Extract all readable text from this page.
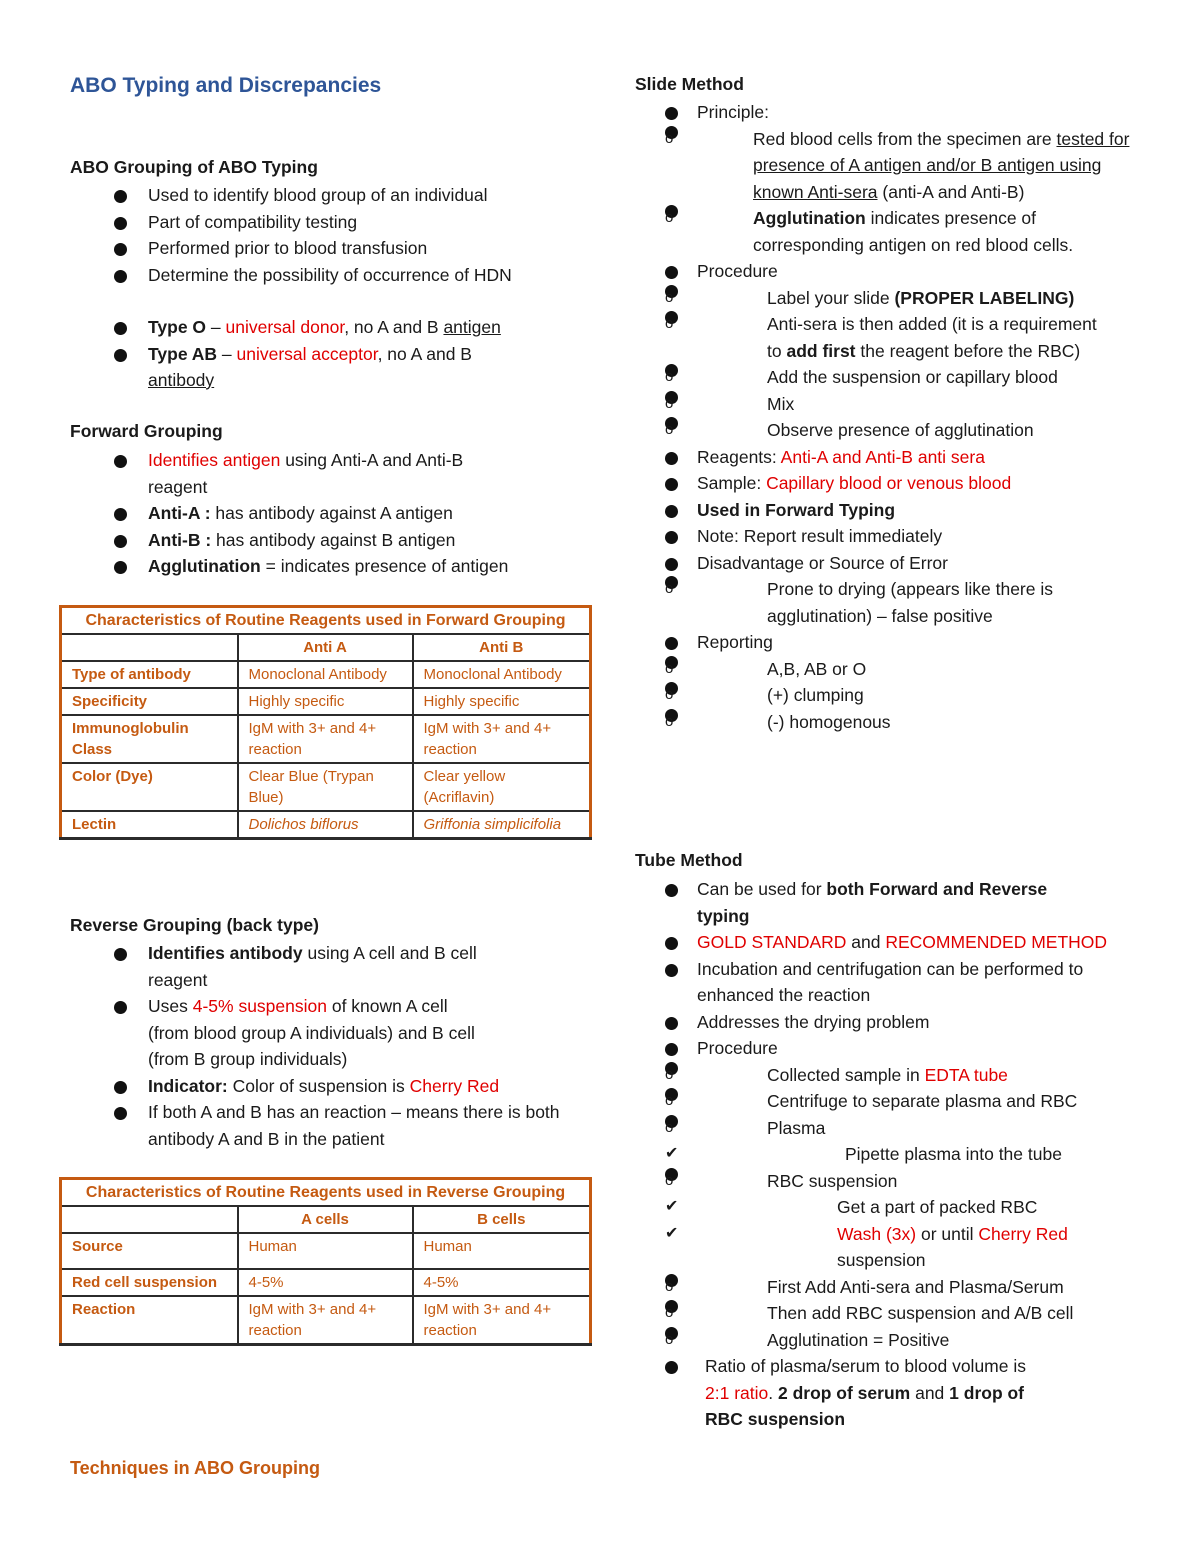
ABO Typing and Discrepancies
ABO Grouping of ABO Typing
Used to identify blood group of an individual
Part of compatibility testing
Performed prior to blood transfusion
Determine the possibility of occurrence of HDN
Type O – universal donor, no A and B antigen
Type AB – universal acceptor, no A and B antibody
Forward Grouping
Identifies antigen using Anti-A and Anti-B reagent
Anti-A : has antibody against A antigen
Anti-B : has antibody against B antigen
Agglutination = indicates presence of antigen
Characteristics of Routine Reagents used in Forward Grouping		
	Anti A	Anti B
Type of antibody	Monoclonal Antibody	Monoclonal Antibody
Specificity	Highly specific	Highly specific
Immunoglobulin Class	IgM with 3+ and 4+ reaction	IgM with 3+ and 4+ reaction
Color (Dye)	Clear Blue (Trypan Blue)	Clear yellow (Acriflavin)
Lectin	Dolichos biflorus	Griffonia simplicifolia
Reverse Grouping (back type)
Identifies antibody using A cell and B cell reagent
Uses 4-5% suspension of known A cell (from blood group A individuals) and B cell (from B group individuals)
Indicator: Color of suspension is Cherry Red
If both A and B has an reaction – means there is both antibody A and B in the patient
Characteristics of Routine Reagents used in Reverse Grouping		
	A cells	B cells
Source	Human	Human
Red cell suspension	4-5%	4-5%
Reaction	IgM with 3+ and 4+ reaction	IgM with 3+ and 4+ reaction
Techniques in ABO Grouping
Slide Method
Principle:
o Red blood cells from the specimen are tested for presence of A antigen and/or B antigen using known Anti-sera (anti-A and Anti-B)
o Agglutination indicates presence of corresponding antigen on red blood cells.
Procedure
o Label your slide (PROPER LABELING)
o Anti-sera is then added (it is a requirement to add first the reagent before the RBC)
o Add the suspension or capillary blood
o Mix
o Observe presence of agglutination
Reagents: Anti-A and Anti-B anti sera
Sample: Capillary blood or venous blood
Used in Forward Typing
Note: Report result immediately
Disadvantage or Source of Error
o Prone to drying (appears like there is agglutination) – false positive
Reporting
o A,B, AB or O
o (+) clumping
o (-) homogenous
Tube Method
Can be used for both Forward and Reverse typing
GOLD STANDARD and RECOMMENDED METHOD
Incubation and centrifugation can be performed to enhanced the reaction
Addresses the drying problem
Procedure
o Collected sample in EDTA tube
o Centrifuge to separate plasma and RBC
o Plasma
✔ Pipette plasma into the tube
o RBC suspension
✔ Get a part of packed RBC
✔ Wash (3x) or until Cherry Red suspension
o First Add Anti-sera and Plasma/Serum
o Then add RBC suspension and A/B cell
o Agglutination = Positive
Ratio of plasma/serum to blood volume is 2:1 ratio. 2 drop of serum and 1 drop of RBC suspension
